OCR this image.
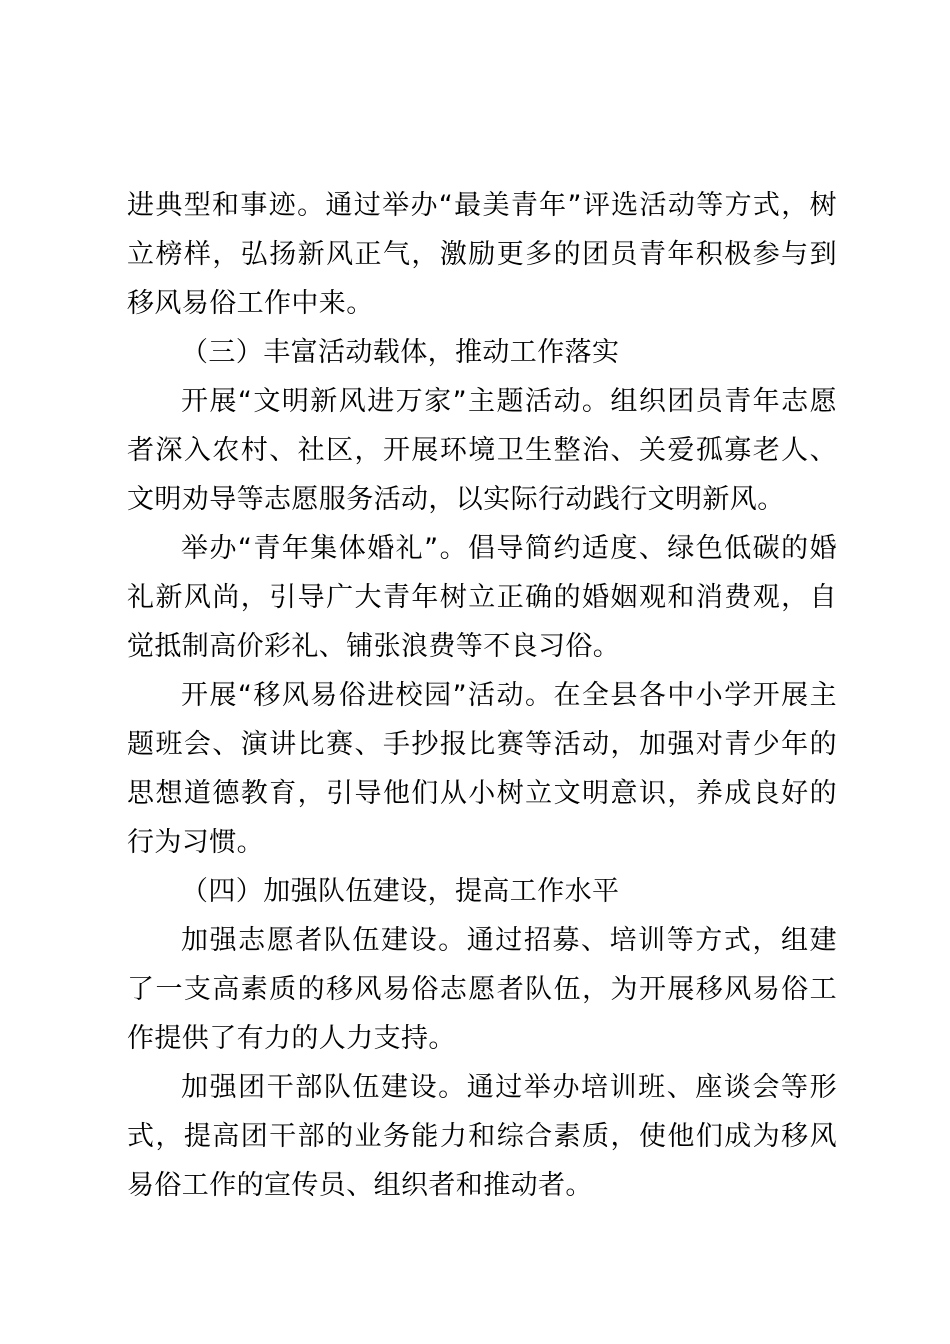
进典型和事迹。通过举办“最美青年”评选活动等方式，树立榜样，弘扬新风正气，激励更多的团员青年积极参与到移风易俗工作中来。

（三）丰富活动载体，推动工作落实

开展“文明新风进万家”主题活动。组织团员青年志愿者深入农村、社区，开展环境卫生整治、关爱孤寡老人、文明劝导等志愿服务活动，以实际行动践行文明新风。

举办“青年集体婚礼”。倡导简约适度、绿色低碳的婚礼新风尚，引导广大青年树立正确的婚姻观和消费观，自觉抵制高价彩礼、铺张浪费等不良习俗。

开展“移风易俗进校园”活动。在全县各中小学开展主题班会、演讲比赛、手抄报比赛等活动，加强对青少年的思想道德教育，引导他们从小树立文明意识，养成良好的行为习惯。

（四）加强队伍建设，提高工作水平

加强志愿者队伍建设。通过招募、培训等方式，组建了一支高素质的移风易俗志愿者队伍，为开展移风易俗工作提供了有力的人力支持。

加强团干部队伍建设。通过举办培训班、座谈会等形式，提高团干部的业务能力和综合素质，使他们成为移风易俗工作的宣传员、组织者和推动者。
